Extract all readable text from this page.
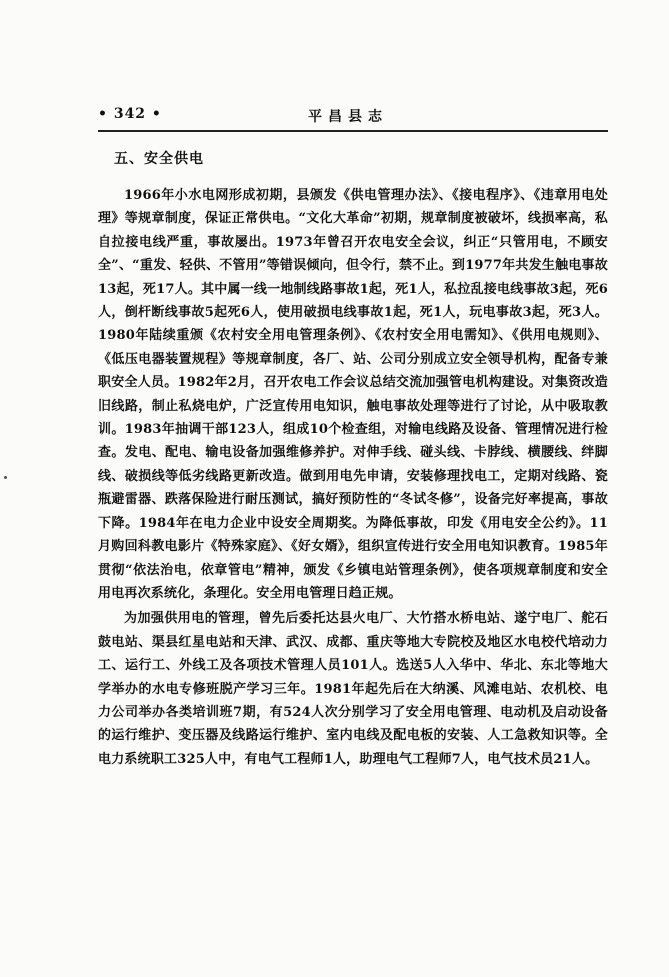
• 342 •	平昌县志
五、安全供电

1966年小水电网形成初期，县颁发《供电管理办法》、《接电程序》、《违章用电处理》等规章制度，保证正常供电。“文化大革命”初期，规章制度被破坏，线损率高，私自拉接电线严重，事故屡出。1973年曾召开农电安全会议，纠正“只管用电，不顾安全”、“重发、轻供、不管用”等错误倾向，但令行，禁不止。到1977年共发生触电事故13起，死17人。其中属一线一地制线路事故1起，死1人，私拉乱接电线事故3起，死6人，倒杆断线事故5起死6人，使用破损电线事故1起，死1人，玩电事故3起，死3人。1980年陆续重颁《农村安全用电管理条例》、《农村安全用电需知》、《供用电规则》、《低压电器装置规程》等规章制度，各厂、站、公司分别成立安全领导机构，配备专兼职安全人员。1982年2月，召开农电工作会议总结交流加强管电机构建设。对集资改造旧线路，制止私烧电炉，广泛宣传用电知识，触电事故处理等进行了讨论，从中吸取教训。1983年抽调干部123人，组成10个检查组，对输电线路及设备、管理情况进行检查。发电、配电、输电设备加强维修养护。对伸手线、碰头线、卡脖线、横腰线、绊脚线、破损线等低劣线路更新改造。做到用电先申请，安装修理找电工，定期对线路、瓷瓶避雷器、跌落保险进行耐压测试，搞好预防性的“冬试冬修”，设备完好率提高，事故下降。1984年在电力企业中设安全周期奖。为降低事故，印发《用电安全公约》。11月购回科教电影片《特殊家庭》、《好女婿》，组织宣传进行安全用电知识教育。1985年贯彻“依法治电，依章管电”精神，颁发《乡镇电站管理条例》，使各项规章制度和安全用电再次系统化，条理化。安全用电管理日趋正规。

为加强供用电的管理，曾先后委托达县火电厂、大竹搭水桥电站、遂宁电厂、舵石鼓电站、渠县红星电站和天津、武汉、成都、重庆等地大专院校及地区水电校代培动力工、运行工、外线工及各项技术管理人员101人。选送5人入华中、华北、东北等地大学举办的水电专修班脱产学习三年。1981年起先后在大纳溪、风滩电站、农机校、电力公司举办各类培训班7期，有524人次分别学习了安全用电管理、电动机及启动设备的运行维护、变压器及线路运行维护、室内电线及配电板的安装、人工急救知识等。全电力系统职工325人中，有电气工程师1人，助理电气工程师7人，电气技术员21人。
